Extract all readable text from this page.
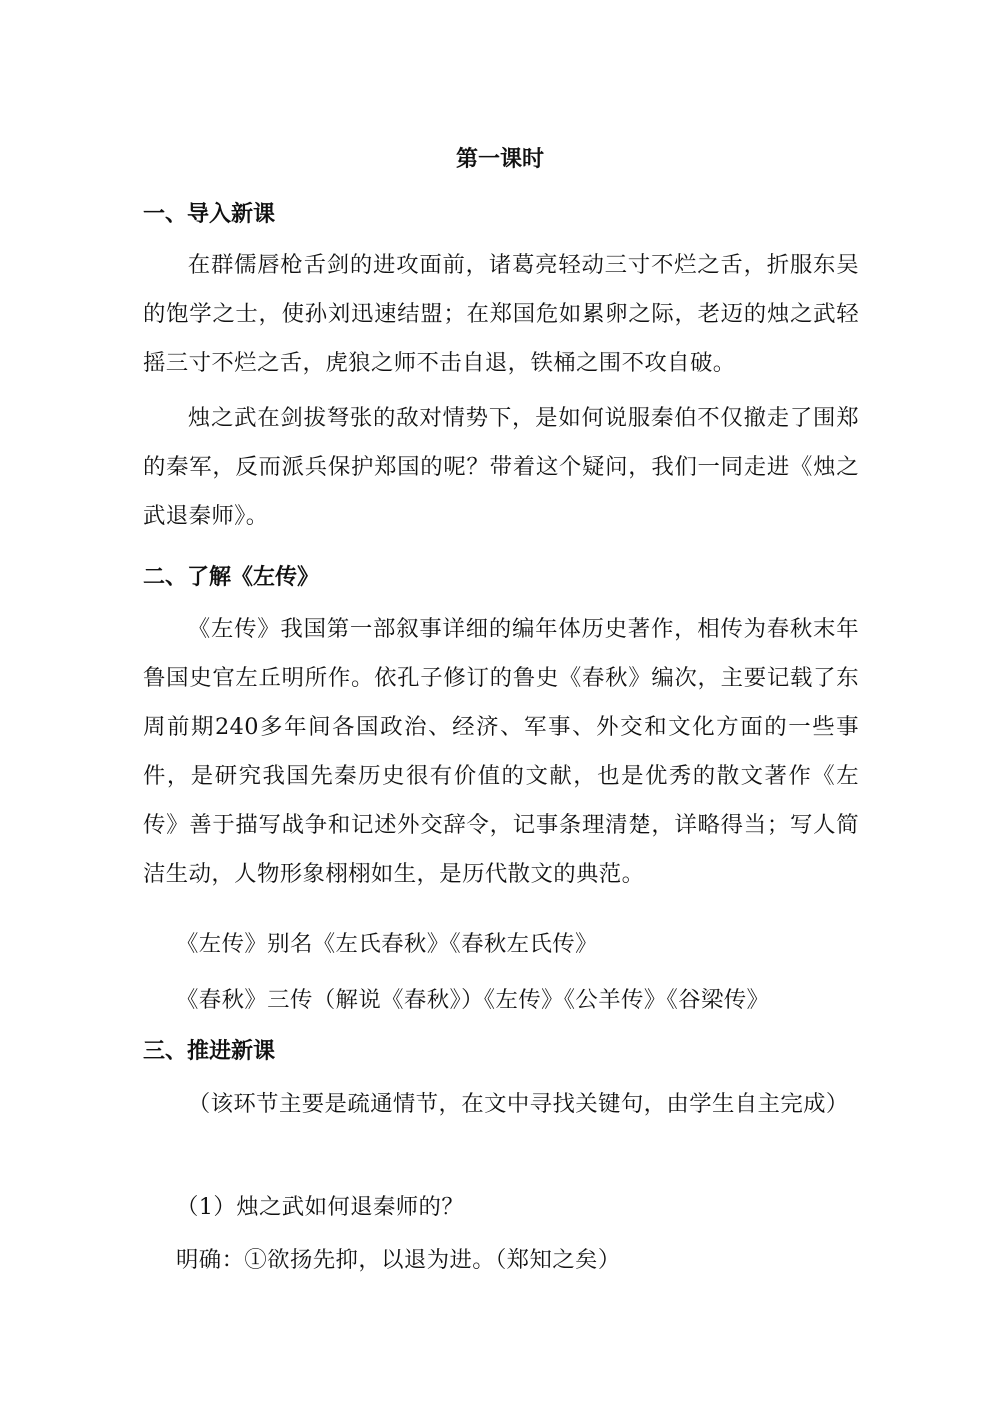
第一课时
一、导入新课

在群儒唇枪舌剑的进攻面前，诸葛亮轻动三寸不烂之舌，折服东吴的饱学之士，使孙刘迅速结盟；在郑国危如累卵之际，老迈的烛之武轻摇三寸不烂之舌，虎狼之师不击自退，铁桶之围不攻自破。

烛之武在剑拔弩张的敌对情势下，是如何说服秦伯不仅撤走了围郑的秦军，反而派兵保护郑国的呢？带着这个疑问，我们一同走进《烛之武退秦师》。

二、了解《左传》

《左传》我国第一部叙事详细的编年体历史著作，相传为春秋末年鲁国史官左丘明所作。依孔子修订的鲁史《春秋》编次，主要记载了东周前期240多年间各国政治、经济、军事、外交和文化方面的一些事件，是研究我国先秦历史很有价值的文献，也是优秀的散文著作《左传》善于描写战争和记述外交辞令，记事条理清楚，详略得当；写人简洁生动，人物形象栩栩如生，是历代散文的典范。

《左传》别名《左氏春秋》《春秋左氏传》

《春秋》三传（解说《春秋》）《左传》《公羊传》《谷梁传》

三、推进新课

（该环节主要是疏通情节，在文中寻找关键句，由学生自主完成）

（1）烛之武如何退秦师的？

明确：①欲扬先抑，以退为进。（郑知之矣）
